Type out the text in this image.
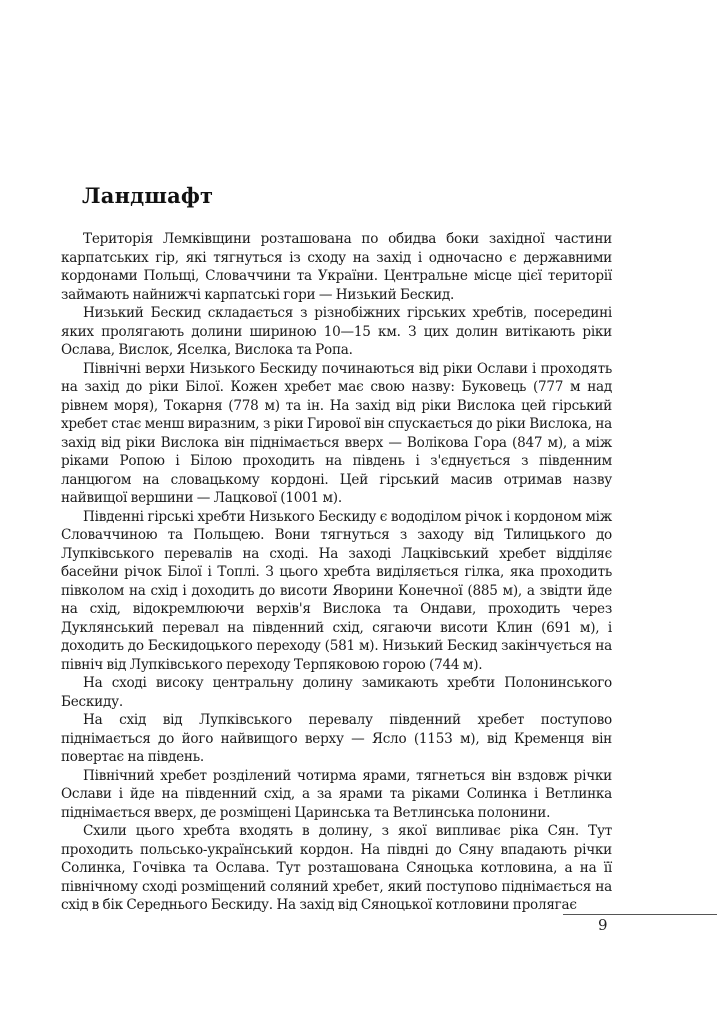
Ландшафт

Територія Лемківщини розташована по обидва боки західної частини карпатських гір, які тягнуться із сходу на захід і одночасно є державними кордонами Польщі, Словаччини та України. Центральне місце цієї території займають найнижчі карпатські гори — Низький Бескид.

Низький Бескид складається з різнобіжних гірських хребтів, посередині яких пролягають долини шириною 10—15 км. З цих долин витікають ріки Ослава, Вислок, Яселка, Вислока та Ропа.

Північні верхи Низького Бескиду починаються від ріки Ослави і проходять на захід до ріки Білої. Кожен хребет має свою назву: Буковець (777 м над рівнем моря), Токарня (778 м) та ін. На захід від ріки Вислока цей гірський хребет стає менш виразним, з ріки Гирової він спускається до ріки Вислока, на захід від ріки Вислока він піднімається вверх — Волікова Гора (847 м), а між ріками Ропою і Білою проходить на південь і з'єднується з південним ланцюгом на словацькому кордоні. Цей гірський масив отримав назву найвищої вершини — Лацкової (1001 м).

Південні гірські хребти Низького Бескиду є вододілом річок і кордоном між Словаччиною та Польщею. Вони тягнуться з заходу від Тилицького до Лупківського перевалів на сході. На заході Лацківський хребет відділяє басейни річок Білої і Топлі. З цього хребта виділяється гілка, яка проходить півколом на схід і доходить до висоти Яворини Конечної (885 м), а звідти йде на схід, відокремлюючи верхів'я Вислока та Ондави, проходить через Дуклянський перевал на південний схід, сягаючи висоти Клин (691 м), і доходить до Бескидоцького переходу (581 м). Низький Бескид закінчується на північ від Лупківського переходу Терпяковою горою (744 м).

На сході високу центральну долину замикають хребти Полонинського Бескиду.

На схід від Лупківського перевалу південний хребет поступово піднімається до його найвищого верху — Ясло (1153 м), від Кременця він повертає на південь.

Північний хребет розділений чотирма ярами, тягнеться він вздовж річки Ослави і йде на південний схід, а за ярами та ріками Солинка і Ветлинка піднімається вверх, де розміщені Царинська та Ветлинська полонини.

Схили цього хребта входять в долину, з якої випливає ріка Сян. Тут проходить польсько-український кордон. На півдні до Сяну впадають річки Солинка, Гочівка та Ослава. Тут розташована Сяноцька котловина, а на її північному сході розміщений соляний хребет, який поступово піднімається на схід в бік Середнього Бескиду. На захід від Сяноцької котловини пролягає

9
